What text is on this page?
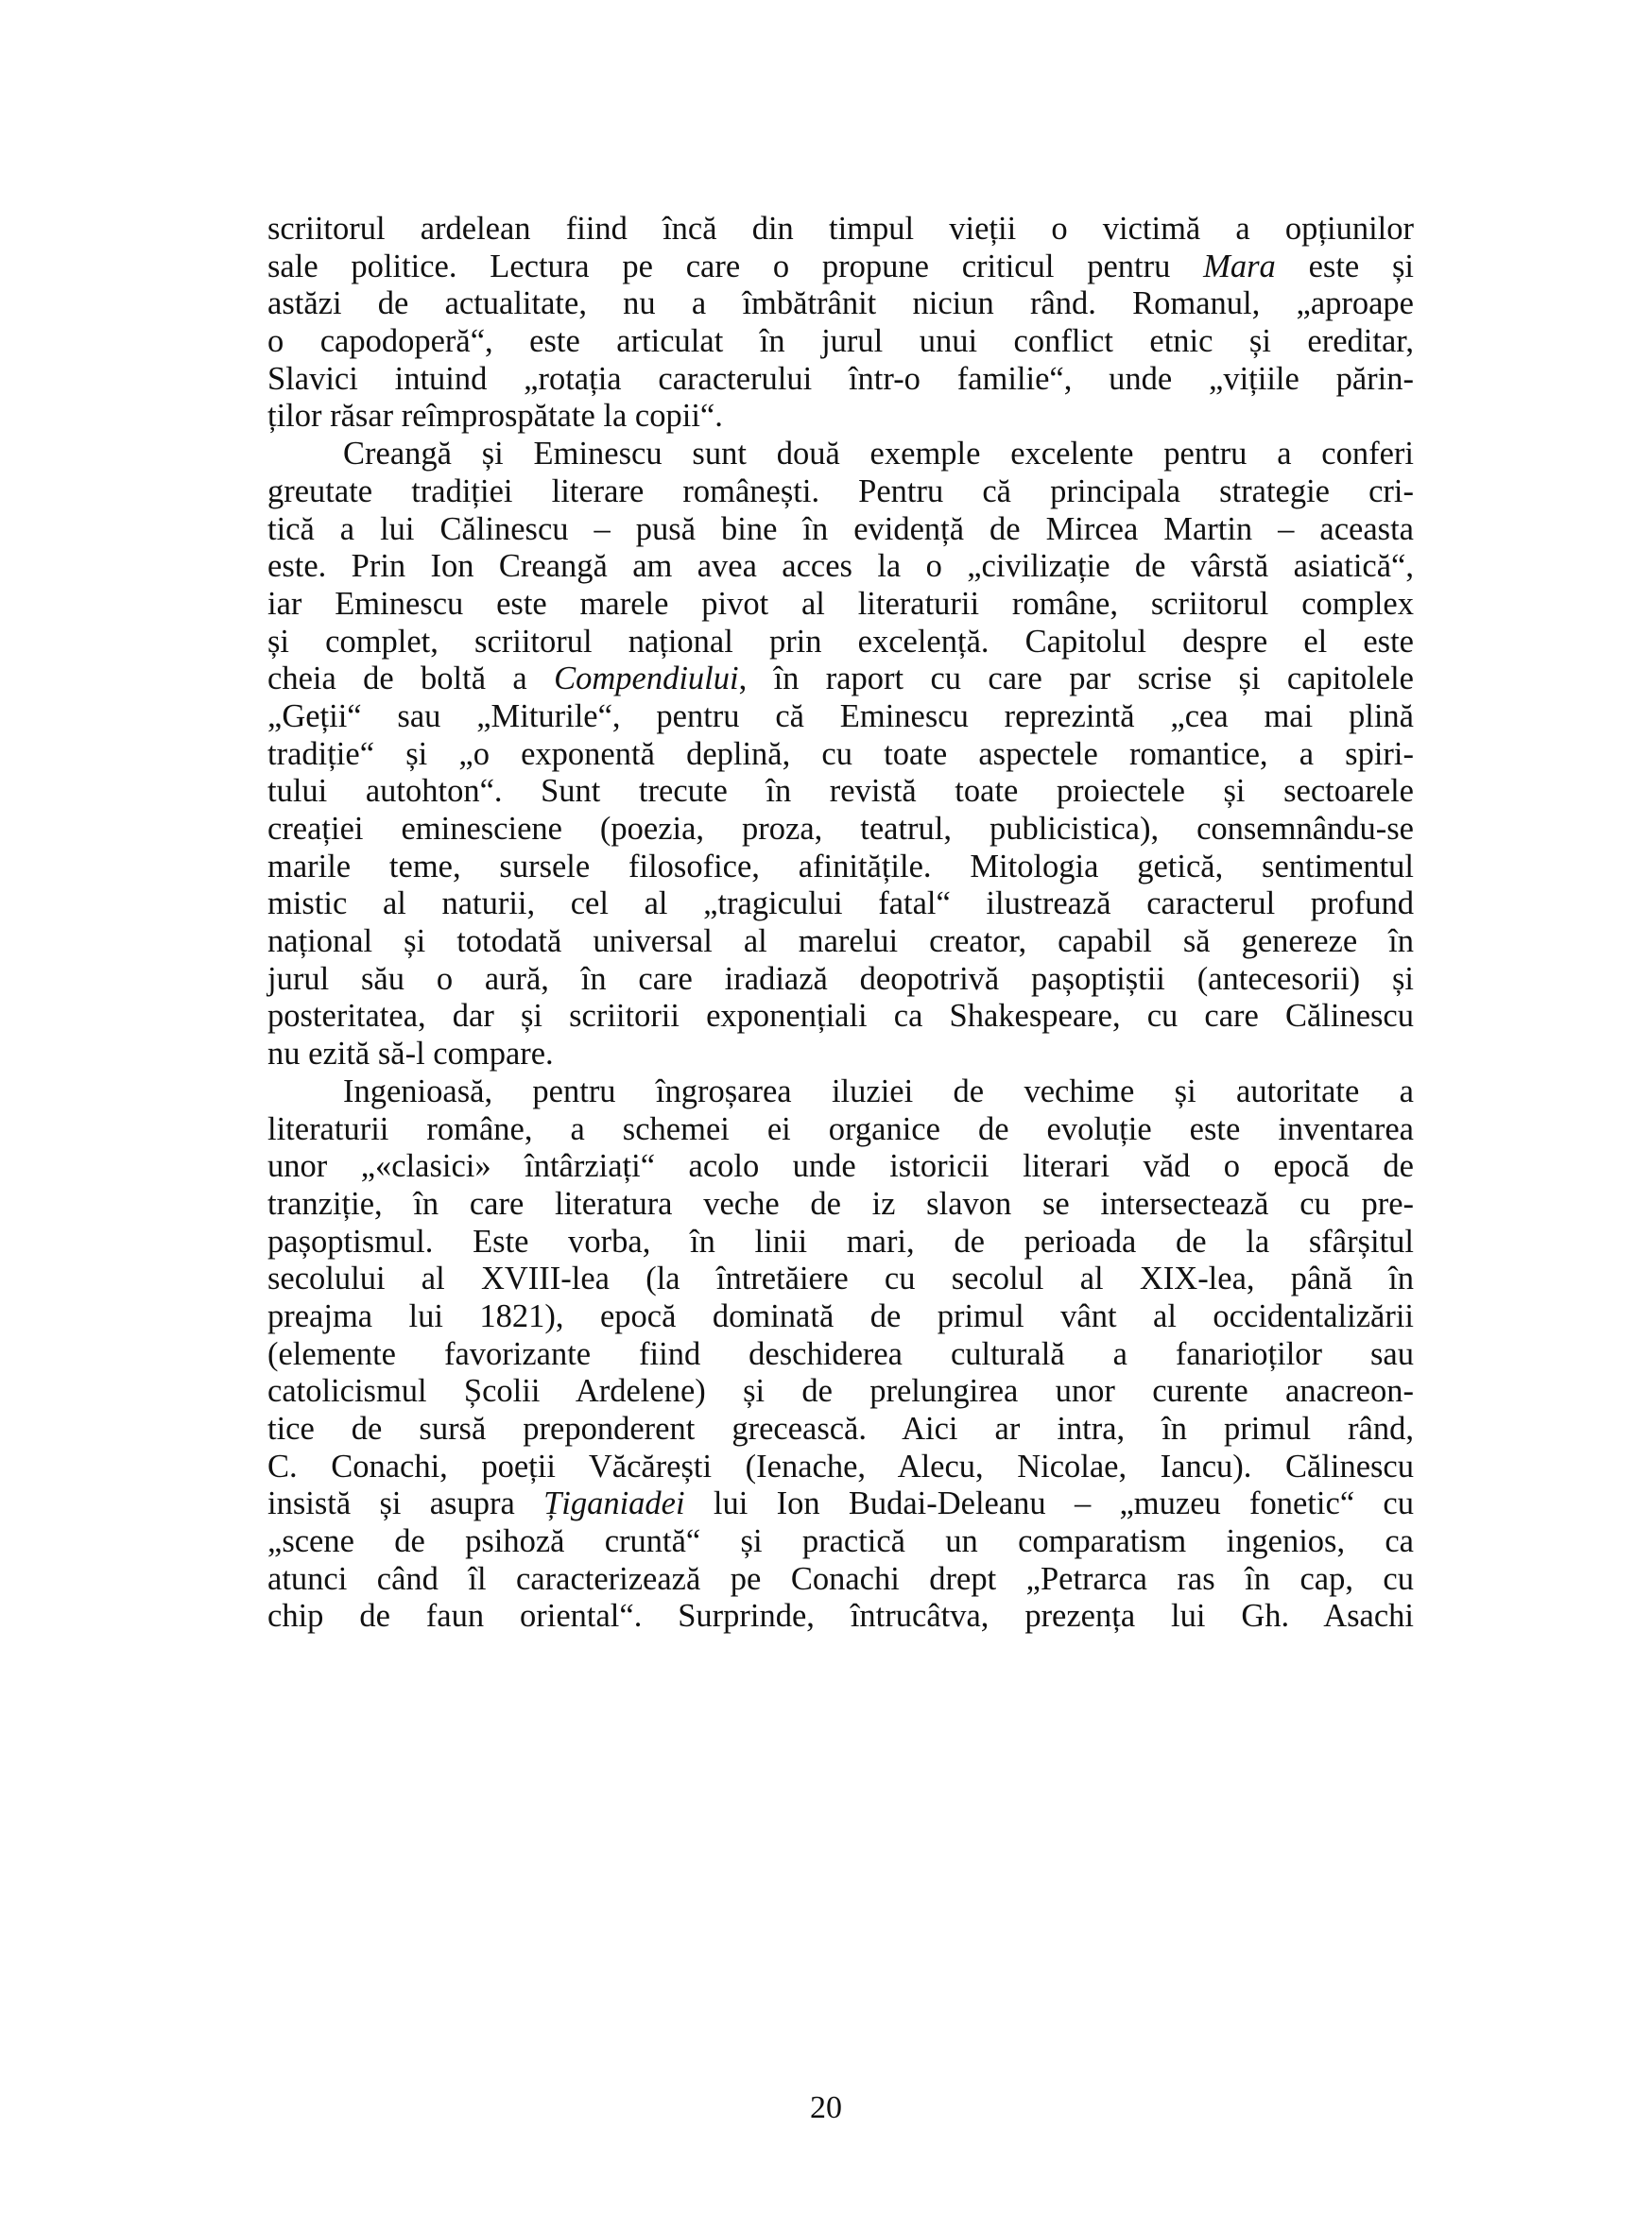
scriitorul ardelean fiind încă din timpul vieții o victimă a opțiunilor
sale politice. Lectura pe care o propune criticul pentru Mara este și
astăzi de actualitate, nu a îmbătrânit niciun rând. Romanul, „aproape
o capodoperă“, este articulat în jurul unui conflict etnic și ereditar,
Slavici intuind „rotația caracterului într-o familie“, unde „vițiile părin-
ților răsar reîmprospătate la copii“.
Creangă și Eminescu sunt două exemple excelente pentru a conferi
greutate tradiției literare românești. Pentru că principala strategie cri-
tică a lui Călinescu – pusă bine în evidență de Mircea Martin – aceasta
este. Prin Ion Creangă am avea acces la o „civilizație de vârstă asiatică“,
iar Eminescu este marele pivot al literaturii române, scriitorul complex
și complet, scriitorul național prin excelență. Capitolul despre el este
cheia de boltă a Compendiului, în raport cu care par scrise și capitolele
„Geții“ sau „Miturile“, pentru că Eminescu reprezintă „cea mai plină
tradiție“ și „o exponentă deplină, cu toate aspectele romantice, a spiri-
tului autohton“. Sunt trecute în revistă toate proiectele și sectoarele
creației eminesciene (poezia, proza, teatrul, publicistica), consemnându-se
marile teme, sursele filosofice, afinitățile. Mitologia getică, sentimentul
mistic al naturii, cel al „tragicului fatal“ ilustrează caracterul profund
național și totodată universal al marelui creator, capabil să genereze în
jurul său o aură, în care iradiază deopotrivă pașoptiștii (antecesorii) și
posteritatea, dar și scriitorii exponențiali ca Shakespeare, cu care Călinescu
nu ezită să-l compare.
Ingenioasă, pentru îngroșarea iluziei de vechime și autoritate a
literaturii române, a schemei ei organice de evoluție este inventarea
unor „«clasici» întârziați“ acolo unde istoricii literari văd o epocă de
tranziție, în care literatura veche de iz slavon se intersectează cu pre-
pașoptismul. Este vorba, în linii mari, de perioada de la sfârșitul
secolului al XVIII-lea (la întretăiere cu secolul al XIX-lea, până în
preajma lui 1821), epocă dominată de primul vânt al occidentalizării
(elemente favorizante fiind deschiderea culturală a fanarioților sau
catolicismul Școlii Ardelene) și de prelungirea unor curente anacreon-
tice de sursă preponderent grecească. Aici ar intra, în primul rând,
C. Conachi, poeții Văcărești (Ienache, Alecu, Nicolae, Iancu). Călinescu
insistă și asupra Țiganiadei lui Ion Budai-Deleanu – „muzeu fonetic“ cu
„scene de psihoză cruntă“ și practică un comparatism ingenios, ca
atunci când îl caracterizează pe Conachi drept „Petrarca ras în cap, cu
chip de faun oriental“. Surprinde, întrucâtva, prezența lui Gh. Asachi
20
